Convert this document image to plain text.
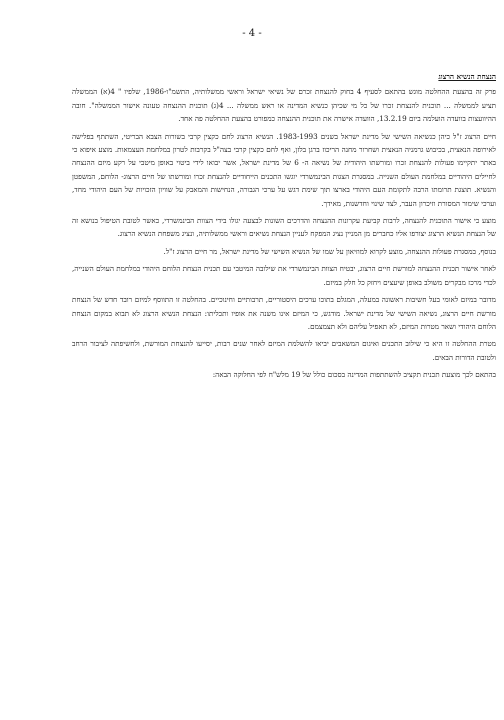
- 4 -
הנצחת הנשיא הרצוג

פרק זה בהצעת ההחלטה מוגש בהתאם לסעיף 4 בחוק להנצחת זכרם של נשיאי ישראל וראשי ממשלותיה, התשמ"ו-1986, שלפיו " 4(א) הממשלה תציע לממשלה ... תוכנית להנצחת זכרו של כל מי שכיהן כנשיא המדינה או ראש ממשלה ... 4(ג) תוכנית ההנצחה טעונה אישור הממשלה". חובה ההיוועצות בוועדה הועלמה ביום 13.2.19, הוועדה אישרה את תוכנית ההנצחה כמפורט בהצעת ההחלטה פה אחד.

חיים הרצוג ז"ל כיהן כנשיאה השישי של מדינת ישראל בשנים 1983-1993. הנשיא הרצוג לחם כקצין קרבי בשורות הצבא הבריטי, השתתף בפלישה לאירופה הנאצית, בכיבוש גרמניה הנאצית ושחרור מחנה הריכוז ברגן בלזן, ואף לחם כקצין קרבי בצה"ל בקרבות לטרון במלחמת העצמאות. מוצע איפוא כי באתר יתקיימו פעולות להנצחת זכרו ומורשתו היהודית של נשיאה ה- 6 של מדינת ישראל, אשר יבואו לידי ביטוי באופן מיטבי על רקע מיזם ההנצחה לחיילים היהודיים במלחמת העולם השנייה. במסגרת הצגות הבינמשרדי יוגשו התכנים הייחודיים להנצחת זכרו ומורשתו של חיים הרצוג- הלוחם, המשפטן והנשיא. תוצגת תרומתו הרבה לתקומת העם היהודי בארצו תוך שימת דגש על ערכי הגבורה, הנחישות והמאבק על שוויון הזכויות של העם היהודי מחד, וערכי שימור המסורת וזיכרון העבר, לצד שינוי וחדשנות, מאידך.

מוצע כי אישור התוכנית להנצחה, לרבות קביעת עקרונות ההנצחה והדרכים השונות לבצעה יגולו בידי הצוות הבינמשרדי, כאשר לטובת הטיפול בנושא זה של הנצחת הנשיא הרצוג יצורפו אליו כחברים מן המניין נציג המפקח לעניין הנצחת נשיאים וראשי ממשלותיה, ונציג משפחת הנשיא הרצוג.

בנוסף, במסגרת פעולות ההנצחה, מוצע לקרוא למוזיאון על שמו של הנשיא השישי של מדינת ישראל, מר חיים הרצוג ז"ל.

לאחר אישור תכנית ההנצחה למורשת חיים הרצוג, יבטיח הצוות הבינמשרדי את שילובה המיטבי עם תכנית הנצחת הלוחם היהודי במלחמת העולם השנייה, לכדי מרכז מבקרים משולב באופן שיעצים ויחזק כל חלק במיזם.

מדובר במיזם לאומי בעל חשיבות ראשונה במעלה, המגלם בתוכו ערכים היסטוריים, תרבותיים וחינוכיים. בהחלטה זו התווסף למיזם רובד חדש של הנצחת מורשת חיים הרצוג, נשיאה השישי של מדינת ישראל. מודגש, כי המיזם אינו משנה את אופיו ותכליתו: הנצחת הנשיא הרצוג לא תבוא במקום הנצחת הלוחם היהודי ושאר מטרות המיזם, לא תאפיל עליהם ולא תצמצמם.

מטרת ההחלטה זו היא כי שילוב התכנים ואיגום המשאבים יביאו להשלמת המיזם לאחר שנים רבות, יסייעו להנצחת המורשת, ולחשיפתה לציבור הרחב ולטובת הדורות הבאים.

בהתאם לכך מוצעת תכנית תקציב להשתתפות המדינה בסכום כולל של 19 מלש"ח לפי החלוקה הבאה:
